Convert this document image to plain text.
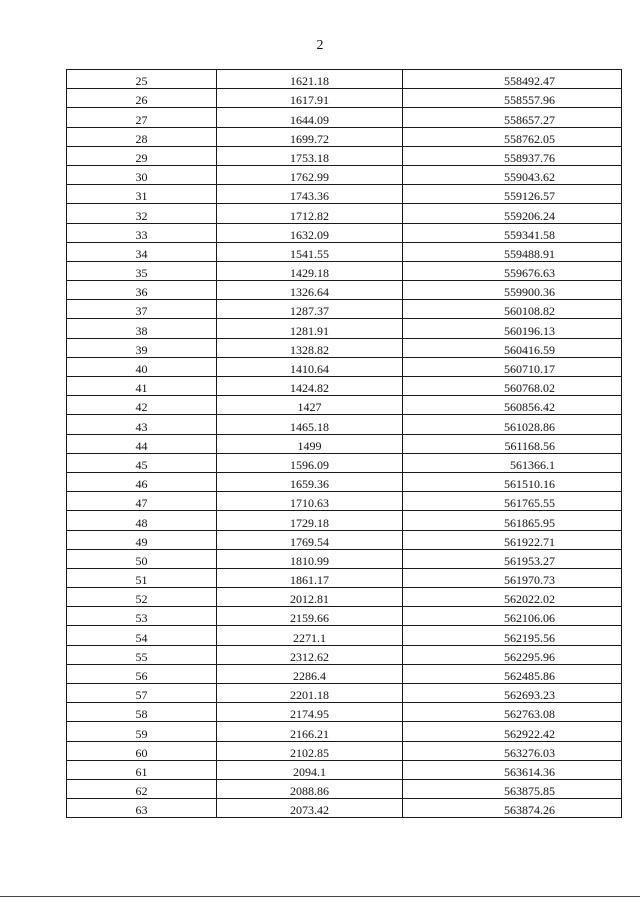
2
25	1621.18	558492.47
26	1617.91	558557.96
27	1644.09	558657.27
28	1699.72	558762.05
29	1753.18	558937.76
30	1762.99	559043.62
31	1743.36	559126.57
32	1712.82	559206.24
33	1632.09	559341.58
34	1541.55	559488.91
35	1429.18	559676.63
36	1326.64	559900.36
37	1287.37	560108.82
38	1281.91	560196.13
39	1328.82	560416.59
40	1410.64	560710.17
41	1424.82	560768.02
42	1427	560856.42
43	1465.18	561028.86
44	1499	561168.56
45	1596.09	561366.1
46	1659.36	561510.16
47	1710.63	561765.55
48	1729.18	561865.95
49	1769.54	561922.71
50	1810.99	561953.27
51	1861.17	561970.73
52	2012.81	562022.02
53	2159.66	562106.06
54	2271.1	562195.56
55	2312.62	562295.96
56	2286.4	562485.86
57	2201.18	562693.23
58	2174.95	562763.08
59	2166.21	562922.42
60	2102.85	563276.03
61	2094.1	563614.36
62	2088.86	563875.85
63	2073.42	563874.26
